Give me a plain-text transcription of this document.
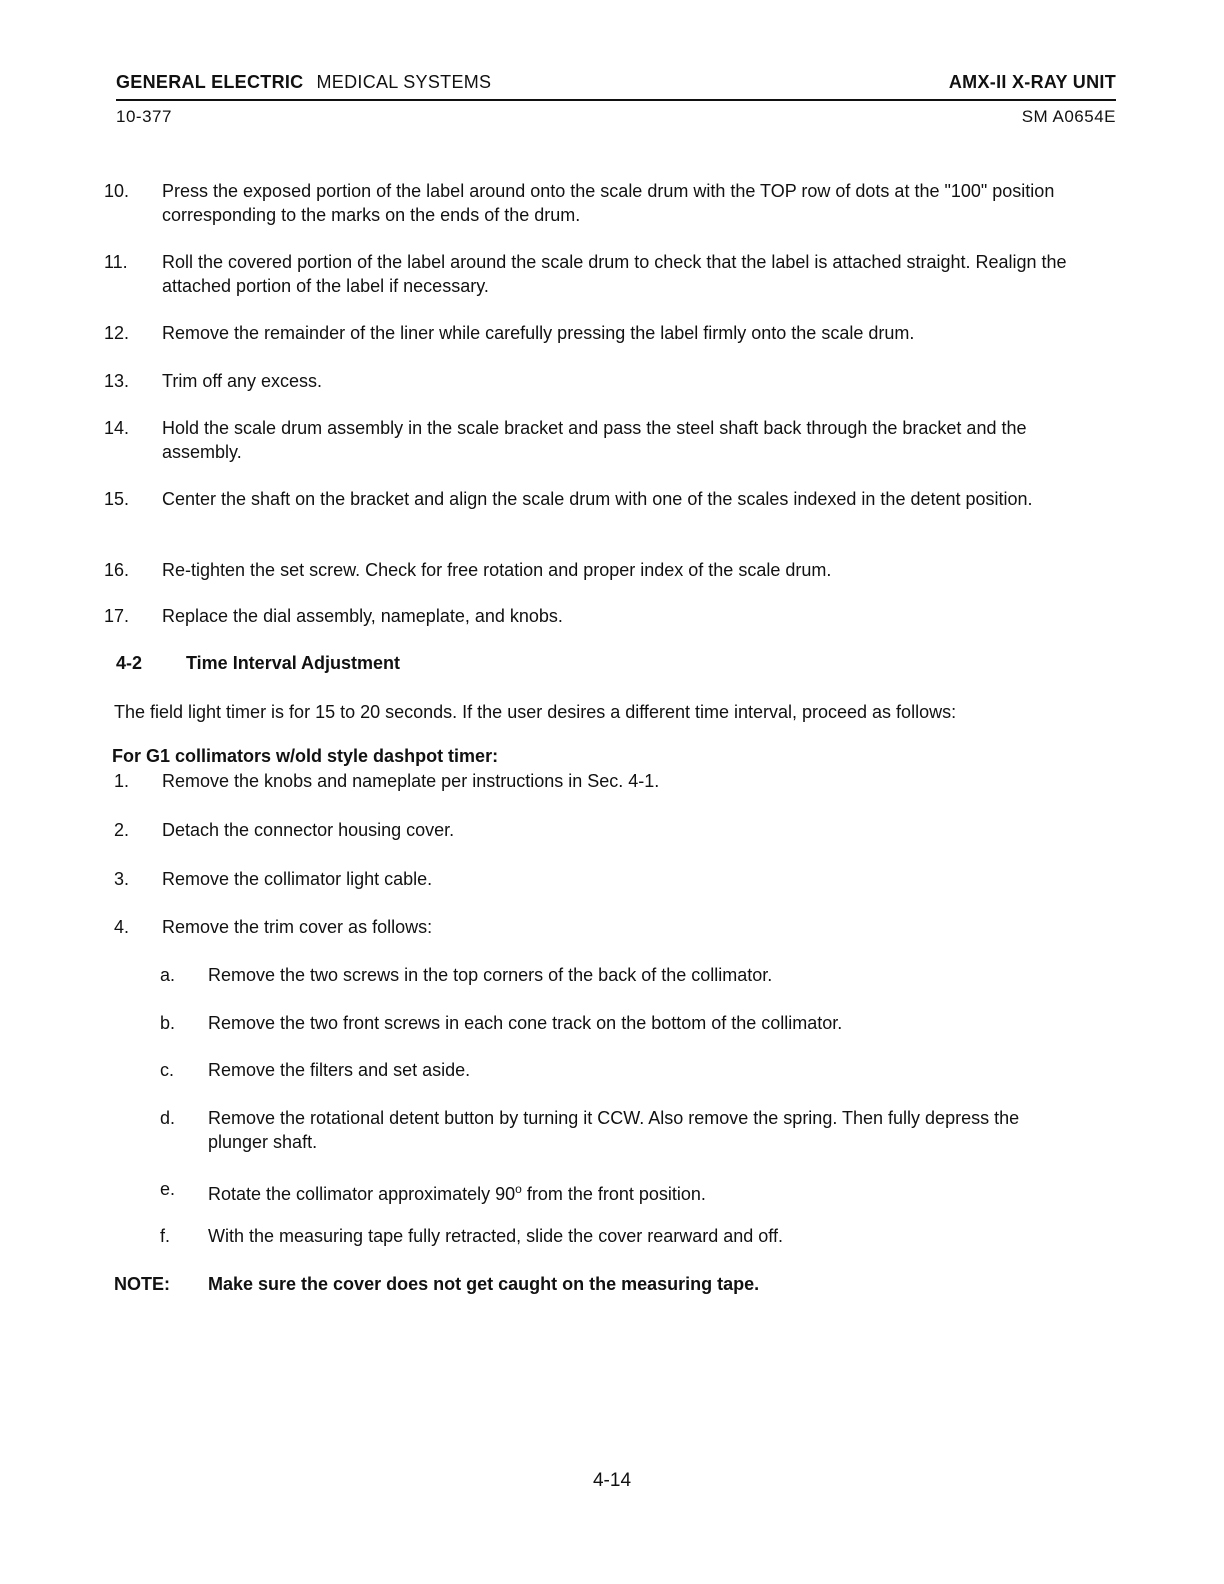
GENERAL ELECTRIC MEDICAL SYSTEMS	AMX-II X-RAY UNIT
10-377	SM A0654E
10.	Press the exposed portion of the label around onto the scale drum with the TOP row of dots at the "100" position corresponding to the marks on the ends of the drum.
11.	Roll the covered portion of the label around the scale drum to check that the label is attached straight. Realign the attached portion of the label if necessary.
12.	Remove the remainder of the liner while carefully pressing the label firmly onto the scale drum.
13.	Trim off any excess.
14.	Hold the scale drum assembly in the scale bracket and pass the steel shaft back through the bracket and the assembly.
15.	Center the shaft on the bracket and align the scale drum with one of the scales indexed in the detent position.
16.	Re-tighten the set screw. Check for free rotation and proper index of the scale drum.
17.	Replace the dial assembly, nameplate, and knobs.
4-2	Time Interval Adjustment
The field light timer is for 15 to 20 seconds. If the user desires a different time interval, proceed as follows:
For G1 collimators w/old style dashpot timer:
1.	Remove the knobs and nameplate per instructions in Sec. 4-1.
2.	Detach the connector housing cover.
3.	Remove the collimator light cable.
4.	Remove the trim cover as follows:
a.	Remove the two screws in the top corners of the back of the collimator.
b.	Remove the two front screws in each cone track on the bottom of the collimator.
c.	Remove the filters and set aside.
d.	Remove the rotational detent button by turning it CCW. Also remove the spring. Then fully depress the plunger shaft.
e.	Rotate the collimator approximately 90$^o$ from the front position.
f.	With the measuring tape fully retracted, slide the cover rearward and off.
NOTE:	Make sure the cover does not get caught on the measuring tape.
4-14
